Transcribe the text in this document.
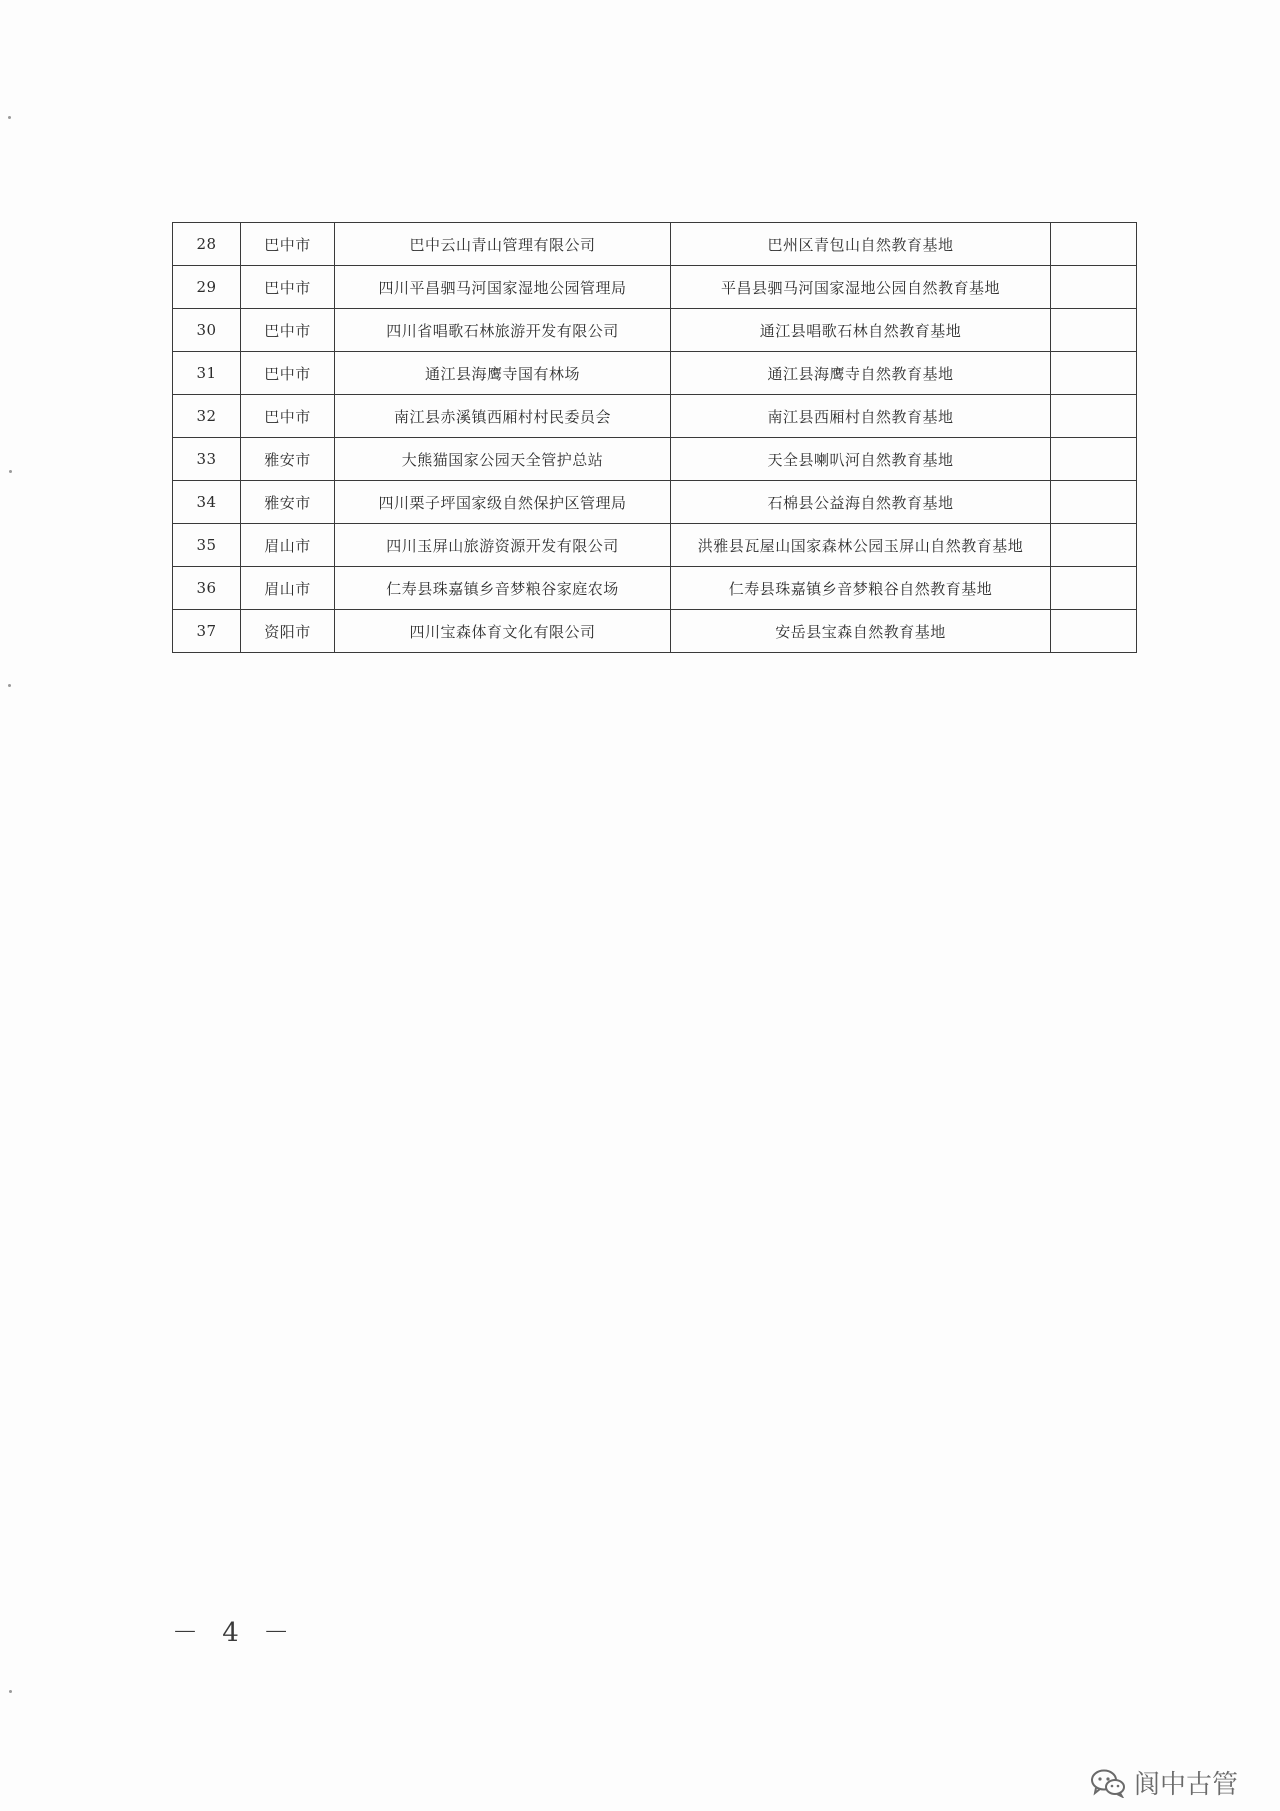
28	巴中市	巴中云山青山管理有限公司	巴州区青包山自然教育基地	
29	巴中市	四川平昌驷马河国家湿地公园管理局	平昌县驷马河国家湿地公园自然教育基地	
30	巴中市	四川省唱歌石林旅游开发有限公司	通江县唱歌石林自然教育基地	
31	巴中市	通江县海鹰寺国有林场	通江县海鹰寺自然教育基地	
32	巴中市	南江县赤溪镇西厢村村民委员会	南江县西厢村自然教育基地	
33	雅安市	大熊猫国家公园天全管护总站	天全县喇叭河自然教育基地	
34	雅安市	四川栗子坪国家级自然保护区管理局	石棉县公益海自然教育基地	
35	眉山市	四川玉屏山旅游资源开发有限公司	洪雅县瓦屋山国家森林公园玉屏山自然教育基地	
36	眉山市	仁寿县珠嘉镇乡音梦粮谷家庭农场	仁寿县珠嘉镇乡音梦粮谷自然教育基地	
37	资阳市	四川宝森体育文化有限公司	安岳县宝森自然教育基地	
－ 4 －
阆中古管
